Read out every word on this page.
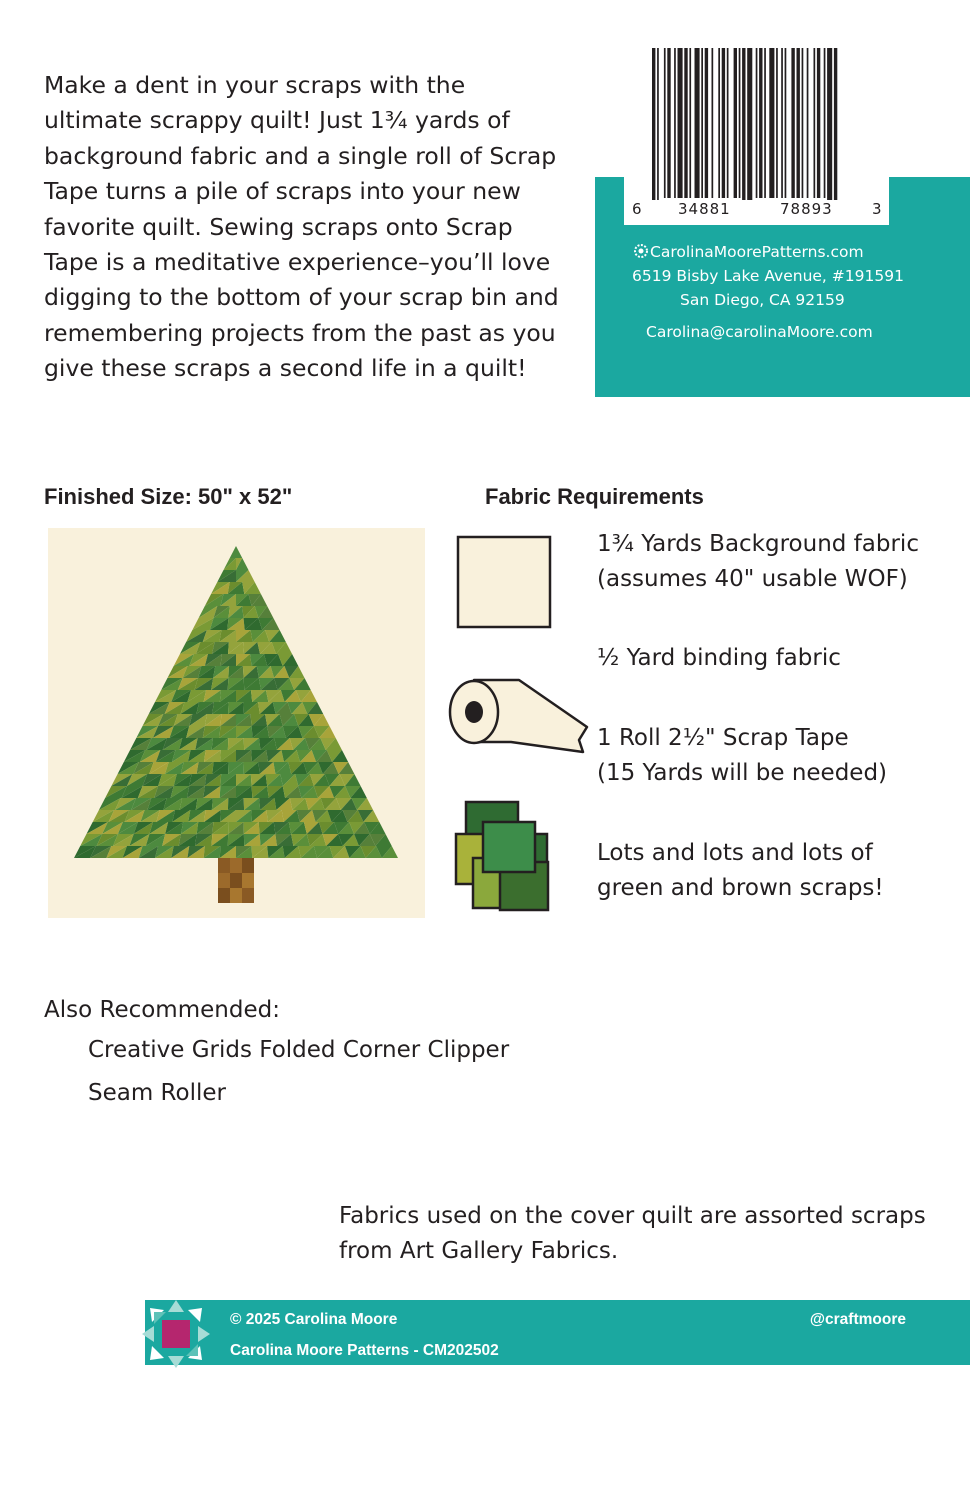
Make a dent in your scraps with the
ultimate scrappy quilt! Just 1¾ yards of
background fabric and a single roll of Scrap
Tape turns a pile of scraps into your new
favorite quilt. Sewing scraps onto Scrap
Tape is a meditative experience–you’ll love
digging to the bottom of your scrap bin and
remembering projects from the past as you
give these scraps a second life in a quilt!
6 34881	78893	3
CarolinaMoorePatterns.com
6519 Bisby Lake Avenue, #191591
San Diego, CA 92159
Carolina@carolinaMoore.com
Finished Size: 50" x 52"	Fabric Requirements
1¾ Yards Background fabric
(assumes 40" usable WOF)
½ Yard binding fabric
1 Roll 2½" Scrap Tape
(15 Yards will be needed)
Lots and lots and lots of
green and brown scraps!
Also Recommended:
Creative Grids Folded Corner Clipper
Seam Roller
Fabrics used on the cover quilt are assorted scraps
from Art Gallery Fabrics.
© 2025 Carolina Moore
Carolina Moore Patterns - CM202502
@craftmoore
